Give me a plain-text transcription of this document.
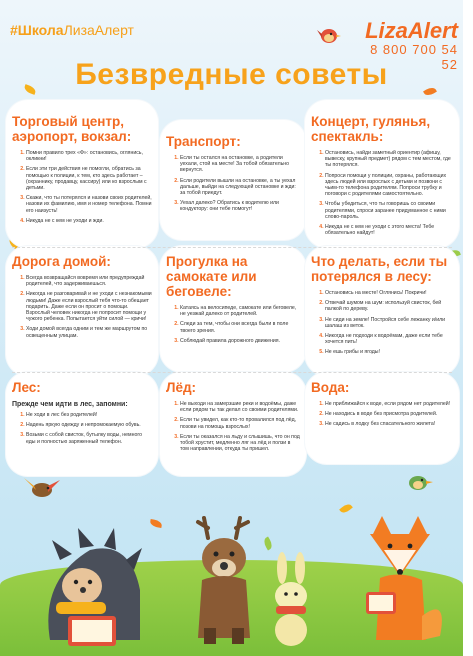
#ШколаЛизаАлерт	LizaAlert
8 800 700 54 52
Безвредные советы
Торговый центр, аэропорт, вокзал:
1. Помни правило трех «Ф»: остановись, оглянись, окликни!
2. Если эти три действия не помогли, обратись за помощью к полиции, к тем, кто здесь работает – (охраннику, продавцу, кассиру) или ко взрослым с детьми.
3. Скажи, что ты потерялся и назови своих родителей, назови их фамилию, имя и номер телефона. Помни его наизусть!
4. Никуда не с кем не уходи и жди.
Транспорт:
1. Если ты остался на остановке, а родители уехали, стой на месте! За тобой обязательно вернутся.
2. Если родители вышли на остановке, а ты уехал дальше, выйди на следующей остановке и жди: за тобой приедут.
3. Уехал далеко? Обратись к водителю или кондуктору: они тебе помогут!
Концерт, гулянья, спектакль:
1. Остановись, найди заметный ориентир (афишу, вывеску, крупный предмет) рядом с тем местом, где ты потерялся.
2. Попроси помощи у полиции, охраны, работающих здесь людей или взрослых с детьми и позвони с чьим-то телефона родителям. Попроси трубку и поговори с родителями самостоятельно.
3. Чтобы убедиться, что ты говоришь со своими родителями, спроси заранее придуманное с ними слово-пароль.
4. Никуда не с кем не уходи с этого места! Тебе обязательно найдут!
Дорога домой:
1. Всегда возвращайся вовремя или предупреждай родителей, что задерживаешься.
2. Никогда не разговаривай и не уходи с незнакомыми людьми! Даже если взрослый тебя что-то обещает подарить. Даже если он просит о помощи. Взрослый человек никогда не попросит помощи у чужого ребенка. Попытается уйти силой — кричи!
3. Ходи домой всегда одним и тем же маршрутом по освещенным улицам.
Прогулка на самокате или беговеле:
1. Катаясь на велосипеде, самокате или беговеле, не уезжай далеко от родителей.
2. Следи за тем, чтобы они всегда были в поле твоего зрения.
3. Соблюдай правила дорожного движения.
Что делать, если ты потерялся в лесу:
1. Остановись на месте! Оглянись! Покричи!
2. Отвечай шумом на шум: используй свисток, бей палкой по дереву.
3. Не сиди на земле! Постройся себе лежанку и/или шалаш из веток.
4. Никогда не подходи к водоёмам, даже если тебе хочется пить!
5. Не ешь грибы и ягоды!
Лес:
Прежде чем идти в лес, запомни:
1. Не ходи в лес без родителей!
2. Надень яркую одежду и непромокаемую обувь.
3. Возьми с собой свисток, бутылку воды, немного еды и полностью заряженный телефон.
Лёд:
1. Не выходи на замерзшие реки и водоёмы, даже если рядом ты так делал со своими родителями.
2. Если ты увидел, как кто-то провалился под лёд, позови на помощь взрослых!
3. Если ты оказался на льду и слышишь, что он под тобой хрустит, медленно ляг на лёд и ползи в том направлении, откуда ты пришел.
Вода:
1. Не приближайся к воде, если рядом нет родителей!
2. Не находись в воде без присмотра родителей.
3. Не садись в лодку без спасательного жилета!
